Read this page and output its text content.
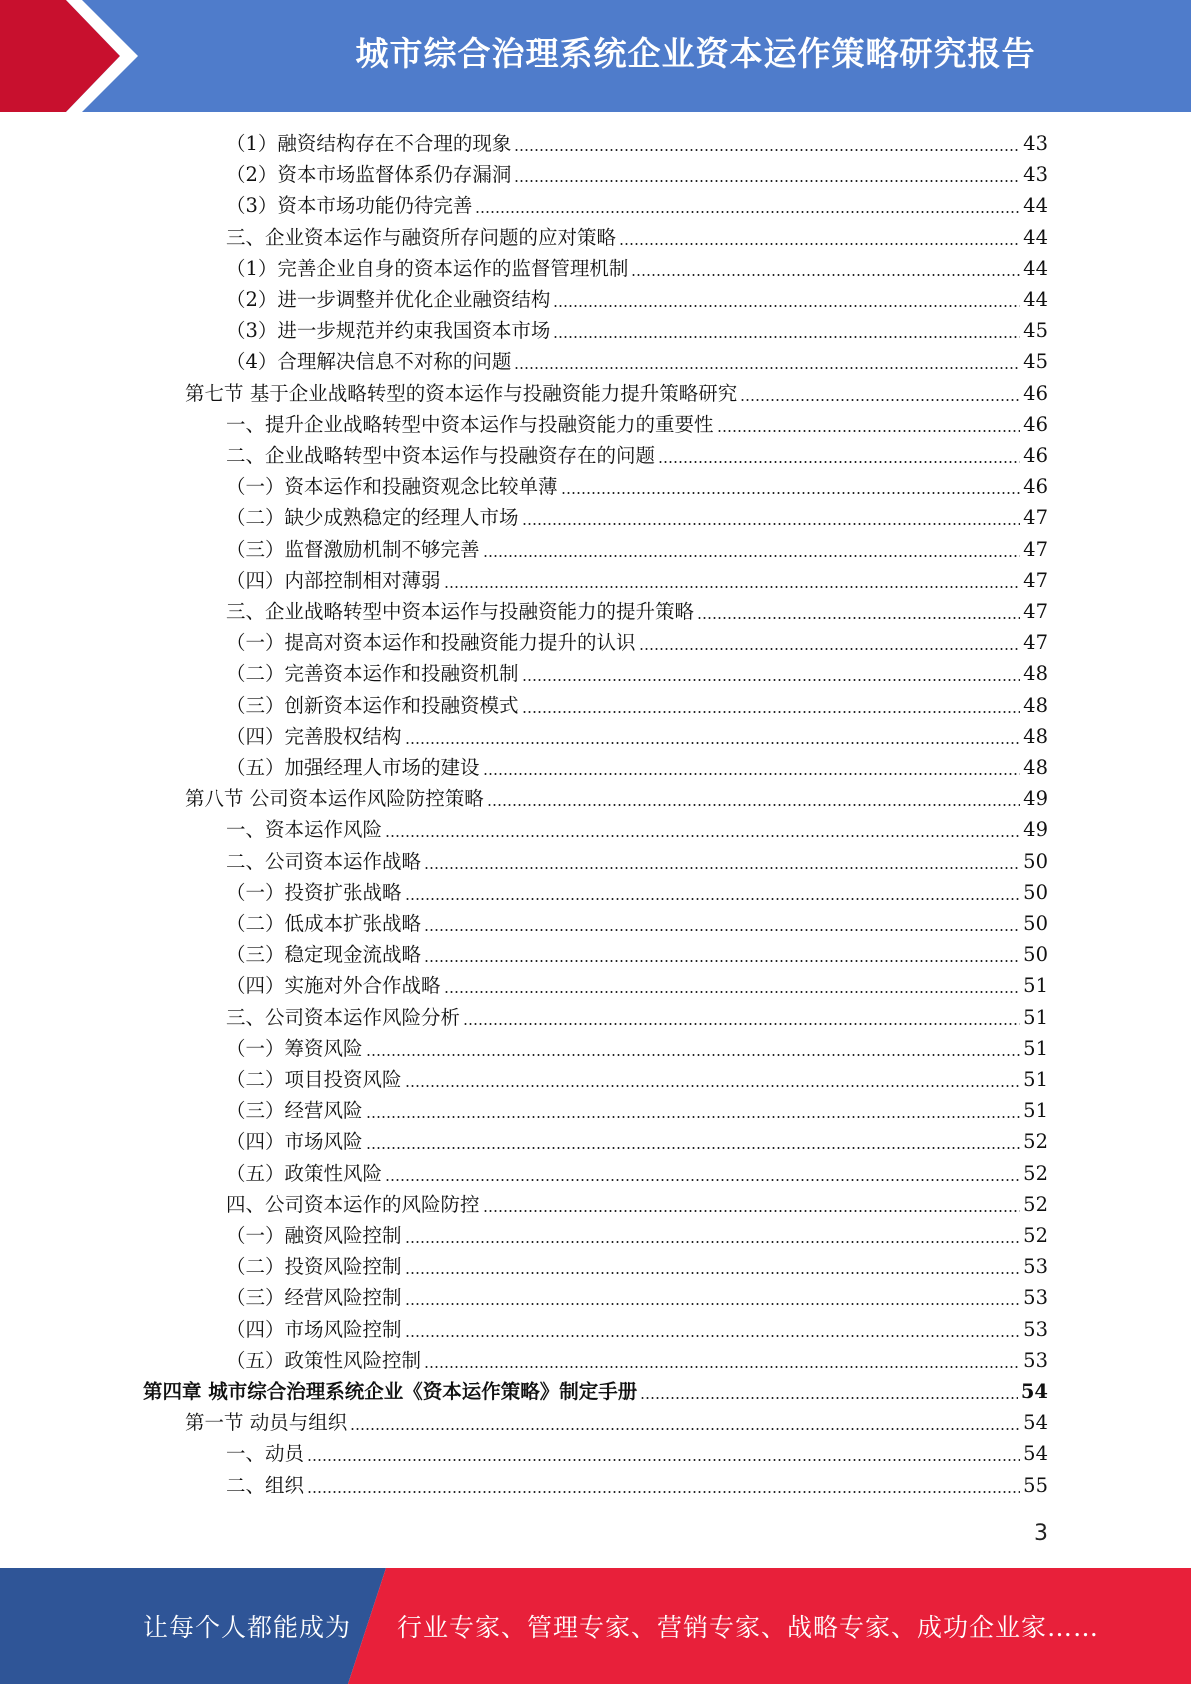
城市综合治理系统企业资本运作策略研究报告
（1）融资结构存在不合理的现象	43
（2）资本市场监督体系仍存漏洞	43
（3）资本市场功能仍待完善	44
三、企业资本运作与融资所存问题的应对策略	44
（1）完善企业自身的资本运作的监督管理机制	44
（2）进一步调整并优化企业融资结构	44
（3）进一步规范并约束我国资本市场	45
（4）合理解决信息不对称的问题	45
第七节 基于企业战略转型的资本运作与投融资能力提升策略研究	46
一、提升企业战略转型中资本运作与投融资能力的重要性	46
二、企业战略转型中资本运作与投融资存在的问题	46
（一）资本运作和投融资观念比较单薄	46
（二）缺少成熟稳定的经理人市场	47
（三）监督激励机制不够完善	47
（四）内部控制相对薄弱	47
三、企业战略转型中资本运作与投融资能力的提升策略	47
（一）提高对资本运作和投融资能力提升的认识	47
（二）完善资本运作和投融资机制	48
（三）创新资本运作和投融资模式	48
（四）完善股权结构	48
（五）加强经理人市场的建设	48
第八节 公司资本运作风险防控策略	49
一、资本运作风险	49
二、公司资本运作战略	50
（一）投资扩张战略	50
（二）低成本扩张战略	50
（三）稳定现金流战略	50
（四）实施对外合作战略	51
三、公司资本运作风险分析	51
（一）筹资风险	51
（二）项目投资风险	51
（三）经营风险	51
（四）市场风险	52
（五）政策性风险	52
四、公司资本运作的风险防控	52
（一）融资风险控制	52
（二）投资风险控制	53
（三）经营风险控制	53
（四）市场风险控制	53
（五）政策性风险控制	53
第四章 城市综合治理系统企业《资本运作策略》制定手册	54
第一节 动员与组织	54
一、动员	54
二、组织	55
3
让每个人都能成为 行业专家、管理专家、营销专家、战略专家、成功企业家……
